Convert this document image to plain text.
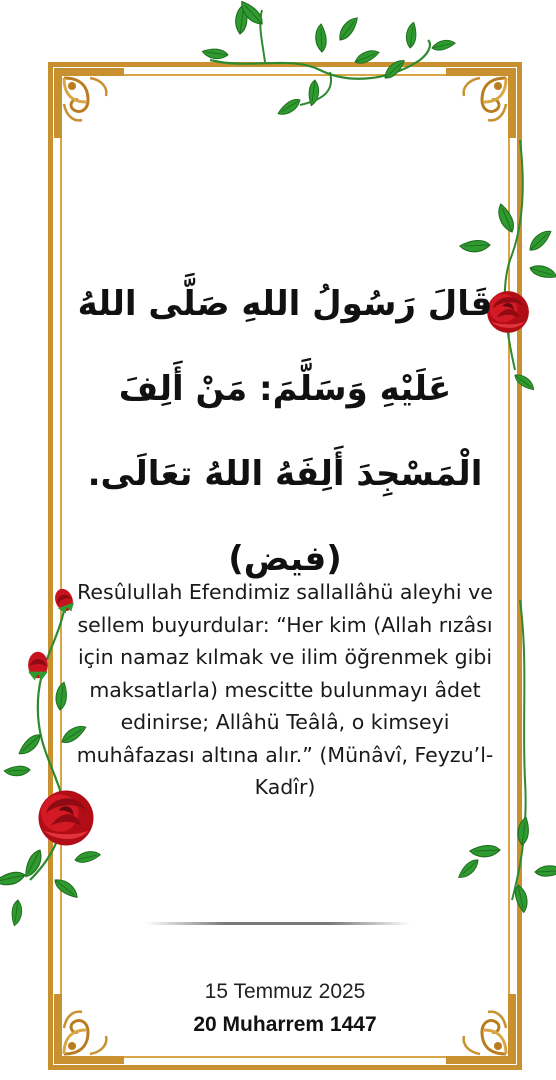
قَالَ رَسُولُ اللهِ صَلَّى اللهُ عَلَيْهِ وَسَلَّمَ: مَنْ أَلِفَ الْمَسْجِدَ أَلِفَهُ اللهُ تعَالَى. (فيض)

Resûlullah Efendimiz sallallâhü aleyhi ve sellem buyurdular: “Her kim (Allah rızâsı için namaz kılmak ve ilim öğrenmek gibi maksatlarla) mescitte bulunmayı âdet edinirse; Allâhü Teâlâ, o kimseyi muhâfazası altına alır.” (Münâvî, Feyzu’l-Kadîr)

15 Temmuz 2025
20 Muharrem 1447
